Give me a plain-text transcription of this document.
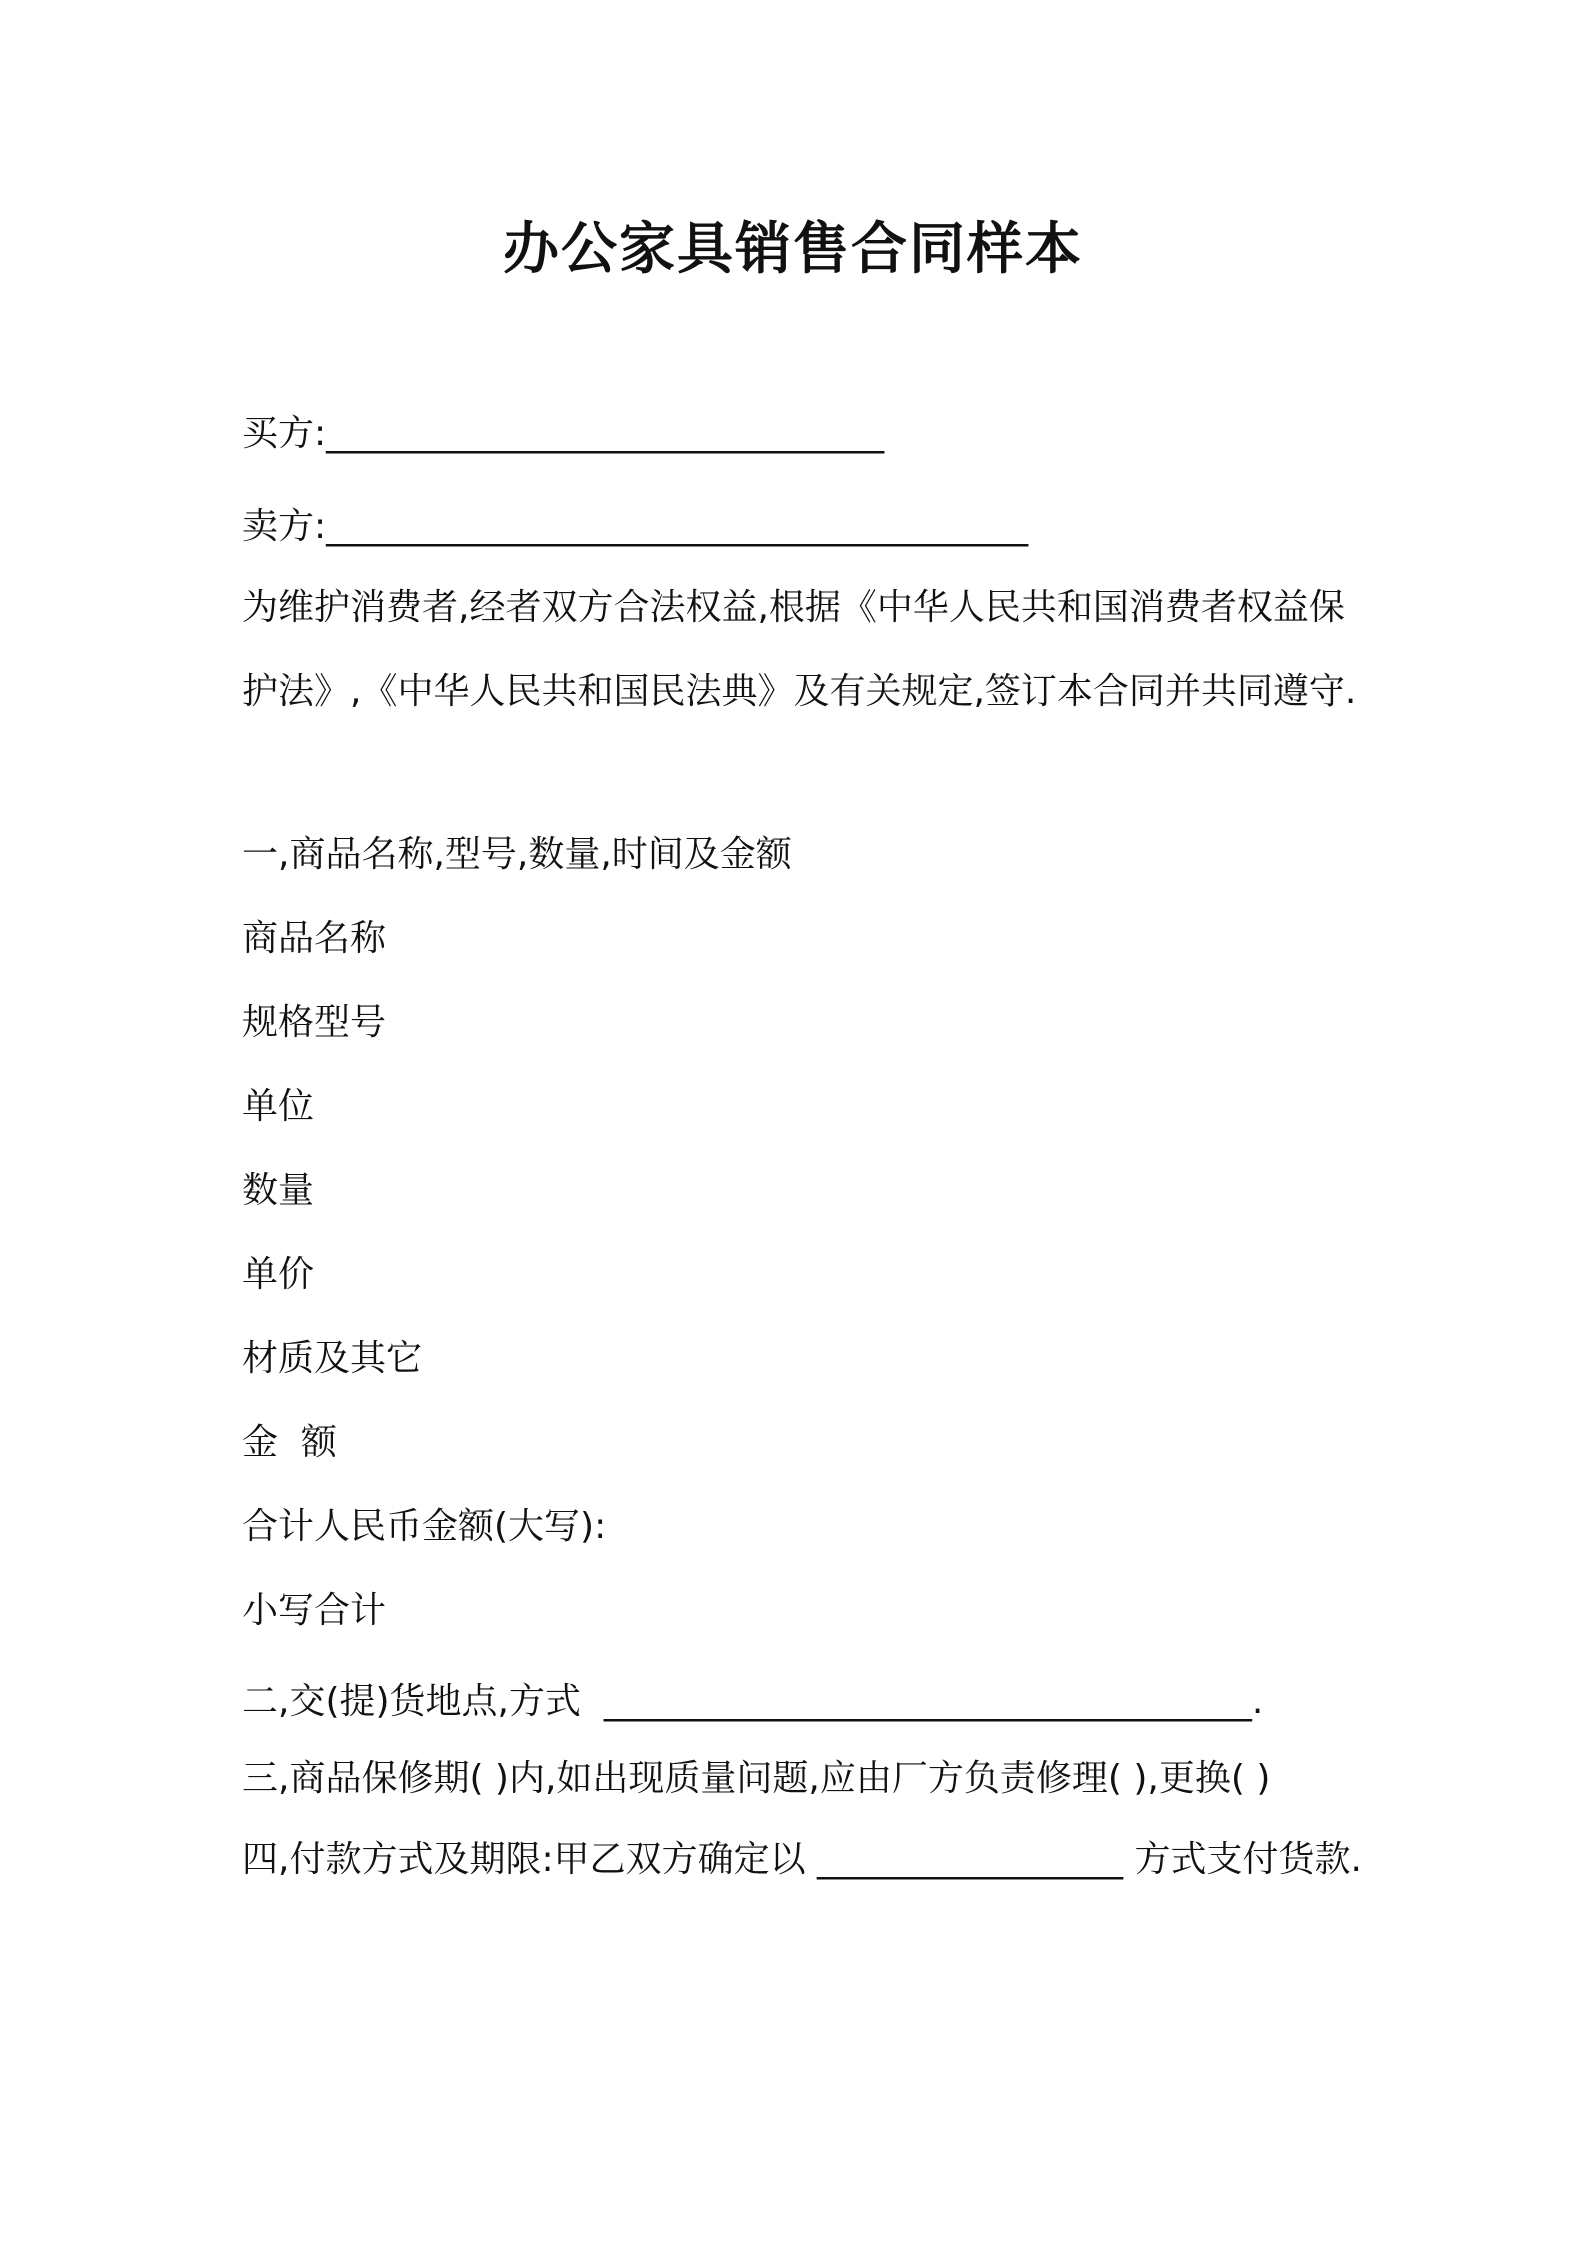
办公家具销售合同样本

买方:_______________________________

卖方:_______________________________________

为维护消费者,经者双方合法权益,根据《中华人民共和国消费者权益保护法》,《中华人民共和国民法典》及有关规定,签订本合同并共同遵守.

一,商品名称,型号,数量,时间及金额

商品名称

规格型号

单位

数量

单价

材质及其它

金  额

合计人民币金额(大写):

小写合计

二,交(提)货地点,方式  ____________________________________.

三,商品保修期( )内,如出现质量问题,应由厂方负责修理( ),更换( )

四,付款方式及期限:甲乙双方确定以 _________________ 方式支付货款.
